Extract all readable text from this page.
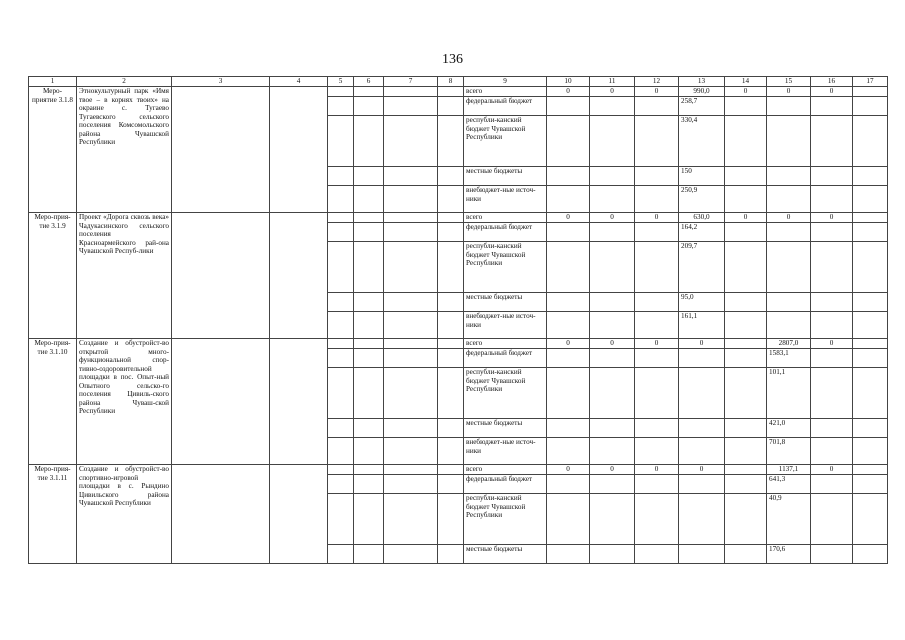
136
1	2	3	4	5	6	7	8	9	10	11	12	13	14	15	16	17
Меро-приятие 3.1.8	Этнокультурный парк «Имя твое – в корнях твоих» на окраине с. Тугаево Тугаевского сельского поселения Комсомольского района Чувашской Республики							всего	0	0	0	990,0	0	0	0	
								федеральный бюджет				258,7				
								республи-канский бюджет Чувашской Республики				330,4				
								местные бюджеты				150				
								внебюджет-ные источ-ники				250,9				
Меро-прия-тие 3.1.9	Проект «Дорога сквозь века» Чадукасинского сельского поселения Красноармейского рай-она Чувашской Респуб-лики							всего	0	0	0	630,0	0	0	0	
								федеральный бюджет				164,2				
								республи-канский бюджет Чувашской Республики				209,7				
								местные бюджеты				95,0				
								внебюджет-ные источ-ники				161,1				
Меро-прия-тие 3.1.10	Создание и обустройст-во открытой много-функциональной спор-тивно-оздоровительной площадки в пос. Опыт-ный Опытного сельско-го поселения Цивиль-ского района Чуваш-ской Республики							всего	0	0	0	0		2807,0	0	
								федеральный бюджет						1583,1		
								республи-канский бюджет Чувашской Республики						101,1		
								местные бюджеты						421,0		
								внебюджет-ные источ-ники						701,8		
Меро-прия-тие 3.1.11	Создание и обустройст-во спортивно-игровой площадки в с. Рындино Цивильского района Чувашской Республики							всего	0	0	0	0		1137,1	0	
								федеральный бюджет						641,3		
								республи-канский бюджет Чувашской Республики						40,9		
								местные бюджеты						170,6		
